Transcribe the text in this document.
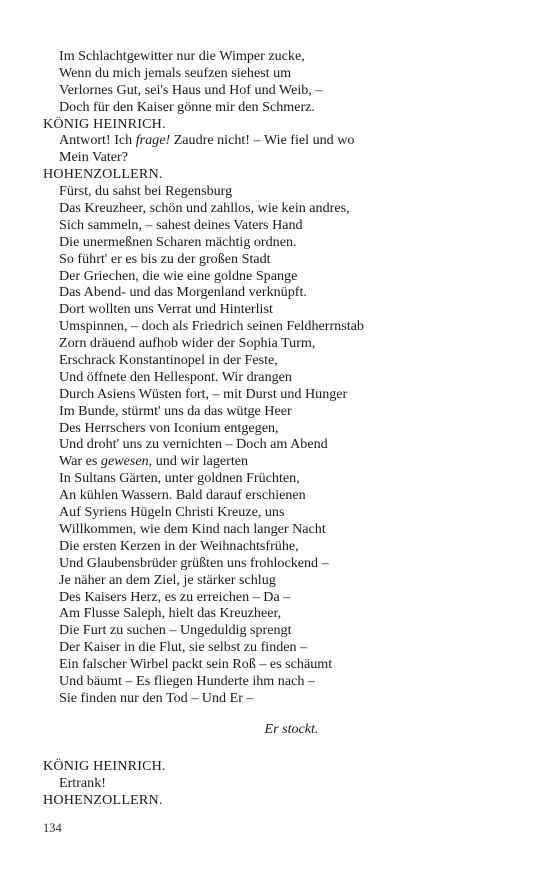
Im Schlachtgewitter nur die Wimper zucke,
Wenn du mich jemals seufzen siehest um
Verlornes Gut, sei's Haus und Hof und Weib, –
Doch für den Kaiser gönne mir den Schmerz.
KÖNIG HEINRICH.
Antwort! Ich frage! Zaudre nicht! – Wie fiel und wo
Mein Vater?
HOHENZOLLERN.
Fürst, du sahst bei Regensburg
Das Kreuzheer, schön und zahllos, wie kein andres,
Sich sammeln, – sahest deines Vaters Hand
Die unermeßnen Scharen mächtig ordnen.
So führt' er es bis zu der großen Stadt
Der Griechen, die wie eine goldne Spange
Das Abend- und das Morgenland verknüpft.
Dort wollten uns Verrat und Hinterlist
Umspinnen, – doch als Friedrich seinen Feldherrnstab
Zorn dräuend aufhob wider der Sophia Turm,
Erschrack Konstantinopel in der Feste,
Und öffnete den Hellespont. Wir drangen
Durch Asiens Wüsten fort, – mit Durst und Hunger
Im Bunde, stürmt' uns da das wütge Heer
Des Herrschers von Iconium entgegen,
Und droht' uns zu vernichten – Doch am Abend
War es gewesen, und wir lagerten
In Sultans Gärten, unter goldnen Früchten,
An kühlen Wassern. Bald darauf erschienen
Auf Syriens Hügeln Christi Kreuze, uns
Willkommen, wie dem Kind nach langer Nacht
Die ersten Kerzen in der Weihnachtsfrühe,
Und Glaubensbrüder grüßten uns frohlockend –
Je näher an dem Ziel, je stärker schlug
Des Kaisers Herz, es zu erreichen – Da –
Am Flusse Saleph, hielt das Kreuzheer,
Die Furt zu suchen – Ungeduldig sprengt
Der Kaiser in die Flut, sie selbst zu finden –
Ein falscher Wirbel packt sein Roß – es schäumt
Und bäumt – Es fliegen Hunderte ihm nach –
Sie finden nur den Tod – Und Er –
Er stockt.
KÖNIG HEINRICH.
Ertrank!
HOHENZOLLERN.
134
